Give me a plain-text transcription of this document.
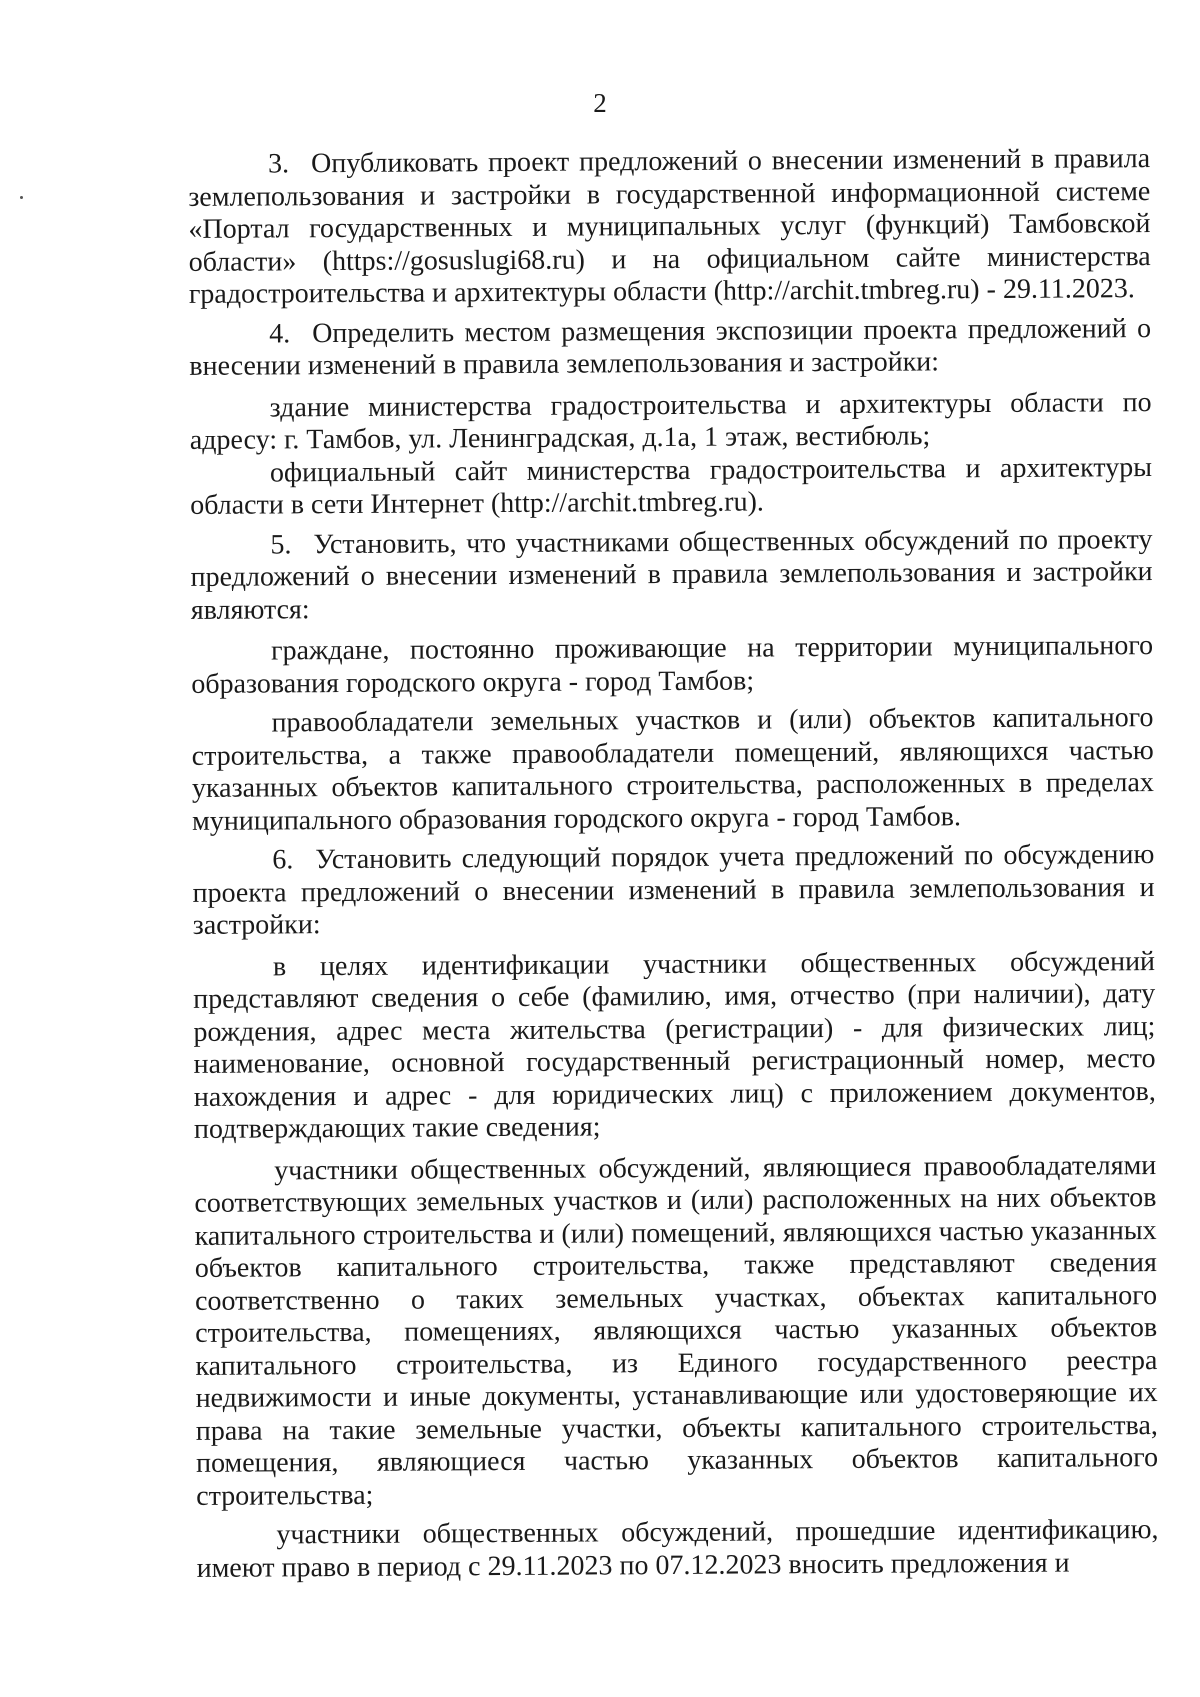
2

3. Опубликовать проект предложений о внесении изменений в правила землепользования и застройки в государственной информационной системе «Портал государственных и муниципальных услуг (функций) Тамбовской области» (https://gosuslugi68.ru) и на официальном сайте министерства градостроительства и архитектуры области (http://archit.tmbreg.ru) - 29.11.2023.

4. Определить местом размещения экспозиции проекта предложений о внесении изменений в правила землепользования и застройки:

здание министерства градостроительства и архитектуры области по адресу: г. Тамбов, ул. Ленинградская, д.1а, 1 этаж, вестибюль;

официальный сайт министерства градостроительства и архитектуры области в сети Интернет (http://archit.tmbreg.ru).

5. Установить, что участниками общественных обсуждений по проекту предложений о внесении изменений в правила землепользования и застройки являются:

граждане, постоянно проживающие на территории муниципального образования городского округа - город Тамбов;

правообладатели земельных участков и (или) объектов капитального строительства, а также правообладатели помещений, являющихся частью указанных объектов капитального строительства, расположенных в пределах муниципального образования городского округа - город Тамбов.

6. Установить следующий порядок учета предложений по обсуждению проекта предложений о внесении изменений в правила землепользования и застройки:

в целях идентификации участники общественных обсуждений представляют сведения о себе (фамилию, имя, отчество (при наличии), дату рождения, адрес места жительства (регистрации) - для физических лиц; наименование, основной государственный регистрационный номер, место нахождения и адрес - для юридических лиц) с приложением документов, подтверждающих такие сведения;

участники общественных обсуждений, являющиеся правообладателями соответствующих земельных участков и (или) расположенных на них объектов капитального строительства и (или) помещений, являющихся частью указанных объектов капитального строительства, также представляют сведения соответственно о таких земельных участках, объектах капитального строительства, помещениях, являющихся частью указанных объектов капитального строительства, из Единого государственного реестра недвижимости и иные документы, устанавливающие или удостоверяющие их права на такие земельные участки, объекты капитального строительства, помещения, являющиеся частью указанных объектов капитального строительства;

участники общественных обсуждений, прошедшие идентификацию, имеют право в период с 29.11.2023 по 07.12.2023 вносить предложения и
